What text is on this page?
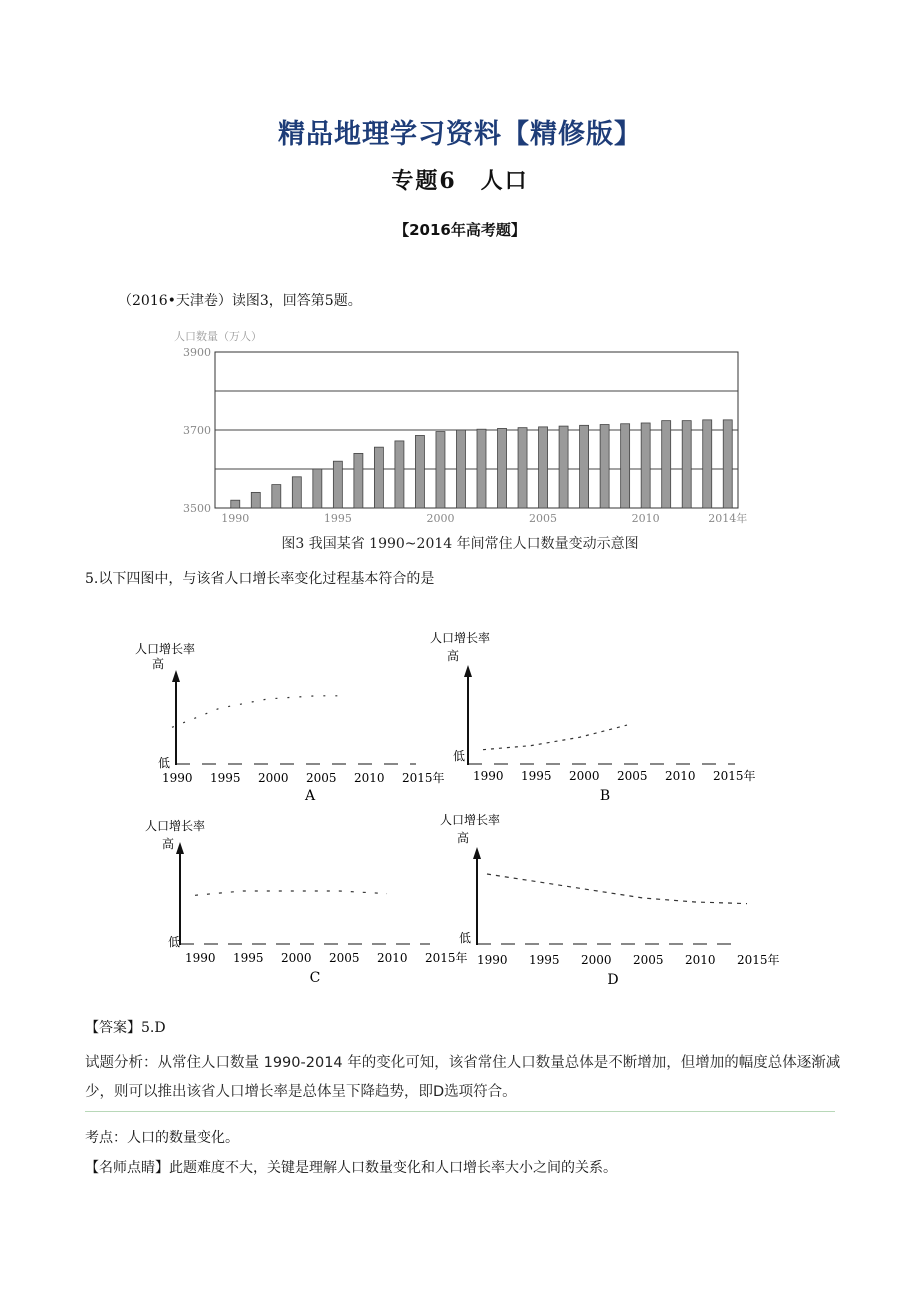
精品地理学习资料【精修版】
专题6　人口
【2016年高考题】
（2016•天津卷）读图3，回答第5题。
人口数量（万人）
3900
3700
3500
1990	1995	2000	2005	2010	2014年
图3 我国某省 1990~2014 年间常住人口数量变动示意图
5.以下四图中，与该省人口增长率变化过程基本符合的是
人口增长率
高
低
1990 1995 2000 2005 2010 2015年
A
人口增长率
高
低
1990 1995 2000 2005 2010 2015年
B
人口增长率
高
低
1990 1995 2000 2005 2010 2015年
C
人口增长率
高
低
1990 1995 2000 2005 2010 2015年
D
【答案】5.D
试题分析：从常住人口数量 1990-2014 年的变化可知，该省常住人口数量总体是不断增加，但增加的幅度总体逐渐减少，则可以推出该省人口增长率是总体呈下降趋势，即D选项符合。
考点：人口的数量变化。
【名师点睛】此题难度不大，关键是理解人口数量变化和人口增长率大小之间的关系。
